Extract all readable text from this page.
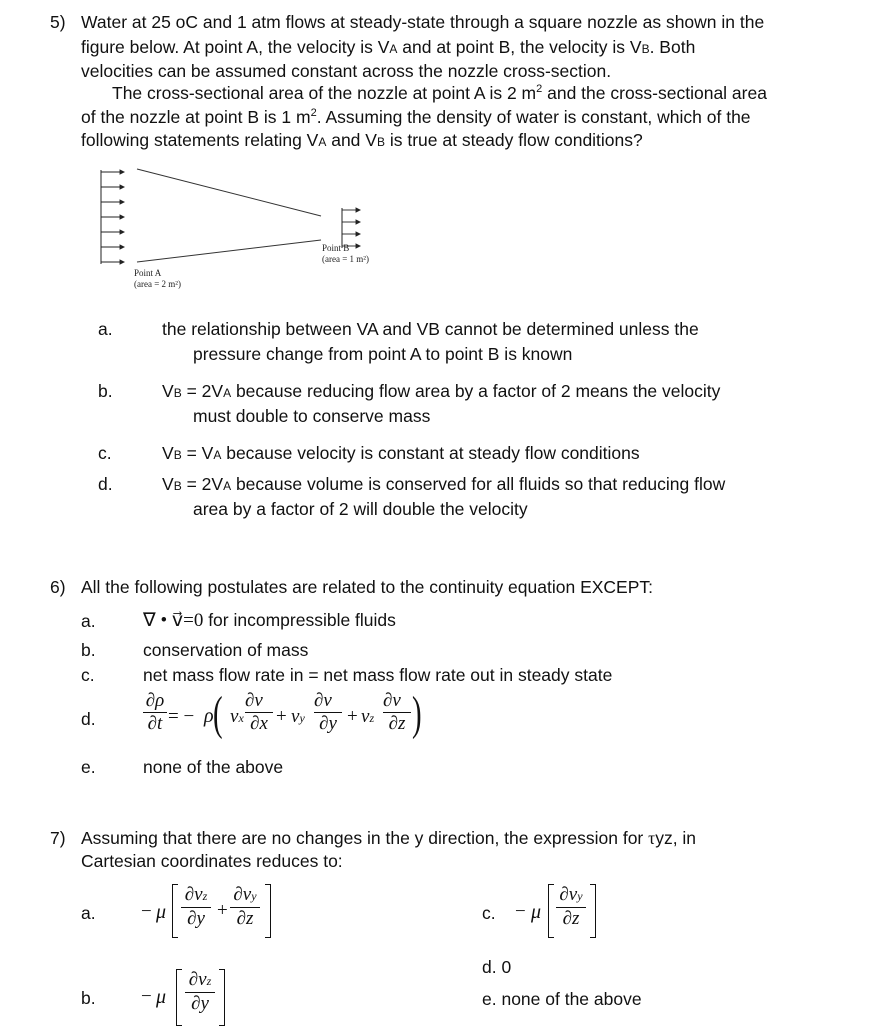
5) Water at 25 oC and 1 atm flows at steady-state through a square nozzle as shown in the
figure below. At point A, the velocity is VA and at point B, the velocity is VB. Both
velocities can be assumed constant across the nozzle cross-section.
The cross-sectional area of the nozzle at point A is 2 $m^2$ and the cross-sectional area
of the nozzle at point B is 1 $m^2$. Assuming the density of water is constant, which of the
following statements relating VA and VB is true at steady flow conditions?
Point A
(area = 2 m²)
Point B
(area = 1 m²)
a.	the relationship between VA and VB cannot be determined unless the
pressure change from point A to point B is known
b.	VB = 2VA because reducing flow area by a factor of 2 means the velocity
must double to conserve mass
c.	VB = VA because velocity is constant at steady flow conditions
d.	VB = 2VA because volume is conserved for all fluids so that reducing flow
area by a factor of 2 will double the velocity
6) All the following postulates are related to the continuity equation EXCEPT:
a. ∇ • v⃗=0 for incompressible fluids
b.	conservation of mass
c.	net mass flow rate in = net mass flow rate out in steady state
d.
∂ρ
∂t = − ρ ( vx
∂v⃗
∂x + vy
∂v⃗
∂y + vz
∂v⃗
∂z )
e.	none of the above
7) Assuming that there are no changes in the y direction, the expression for τyz, in
Cartesian coordinates reduces to:
a. − μ
∂vz
∂y +
∂vy
∂z
b. − μ
∂vz
∂y
c. − μ
∂vy
∂z
d. 0
e. none of the above
